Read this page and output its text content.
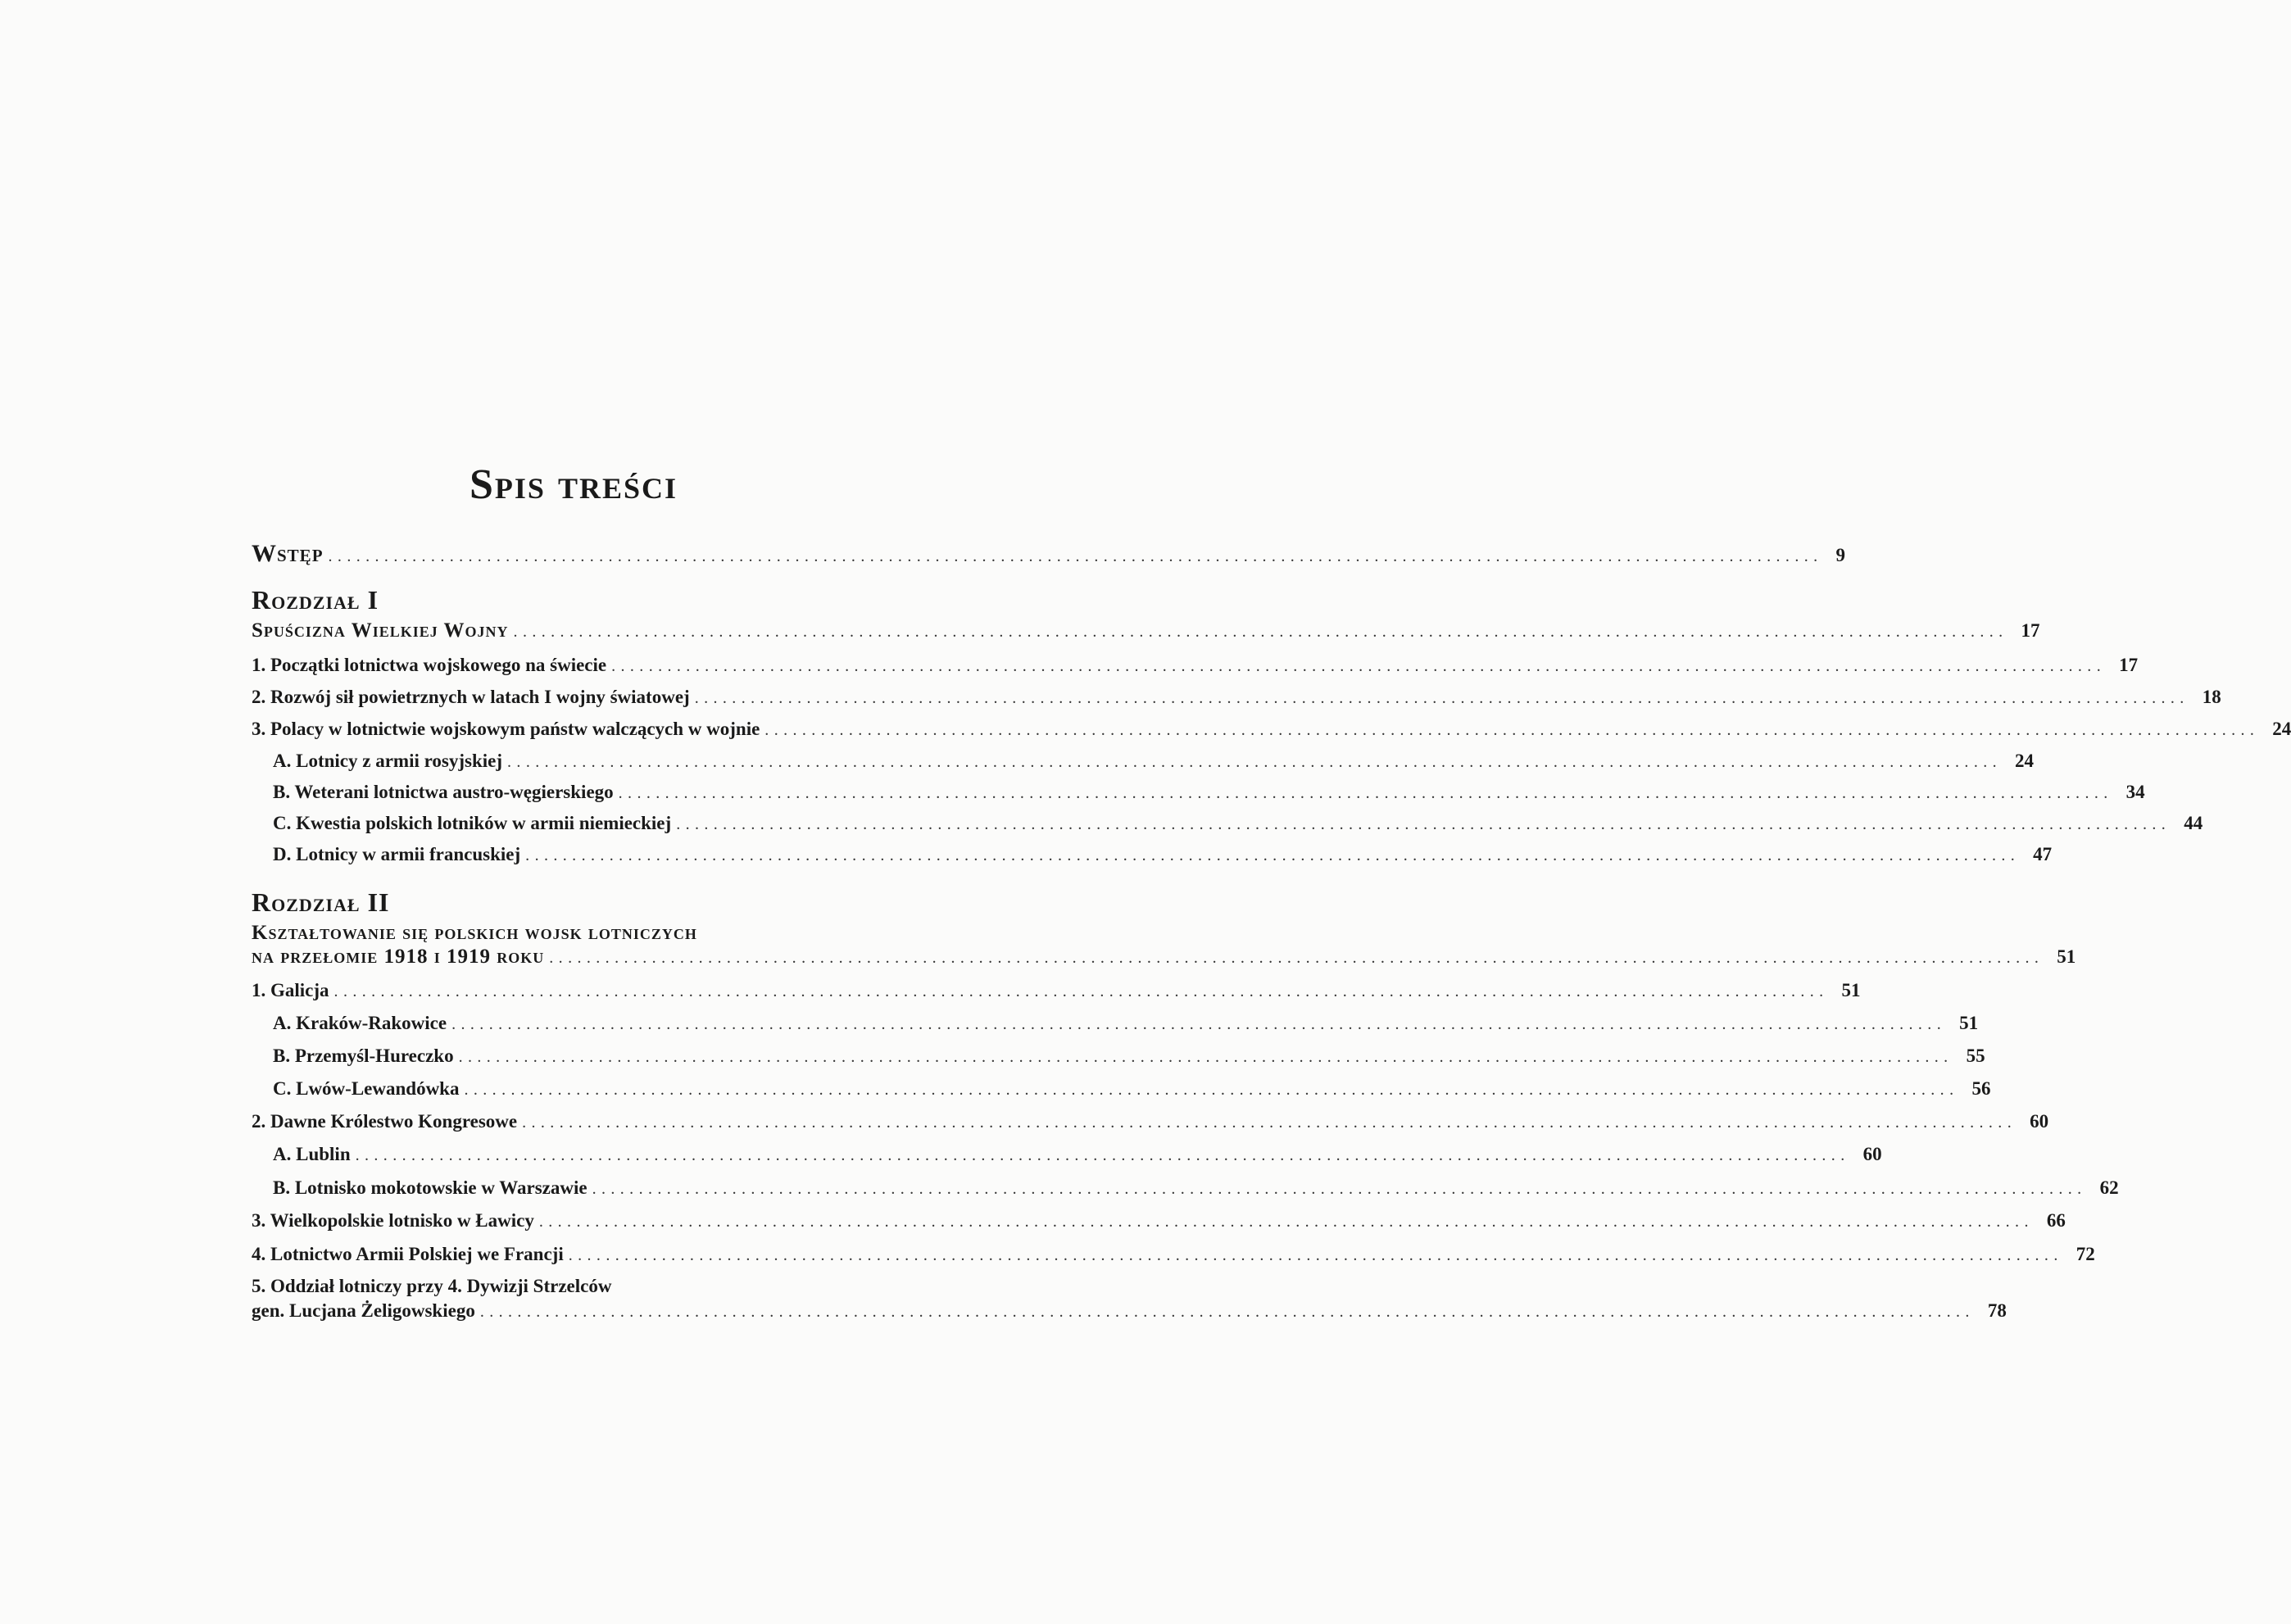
Spis treści
Wstęp ................................................................................................................................................................ 9
Rozdział I
Spuścizna Wielkiej Wojny ................................................................................................................................................................ 17
1. Początki lotnictwa wojskowego na świecie ................................................................................................................................................................ 17
2. Rozwój sił powietrznych w latach I wojny światowej ................................................................................................................................................................ 18
3. Polacy w lotnictwie wojskowym państw walczących w wojnie ................................................................................................................................................................ 24
A. Lotnicy z armii rosyjskiej ................................................................................................................................................................ 24
B. Weterani lotnictwa austro-węgierskiego ................................................................................................................................................................ 34
C. Kwestia polskich lotników w armii niemieckiej ................................................................................................................................................................ 44
D. Lotnicy w armii francuskiej ................................................................................................................................................................ 47
Rozdział II
Kształtowanie się polskich wojsk lotniczych
na przełomie 1918 i 1919 roku ................................................................................................................................................................ 51
1. Galicja ................................................................................................................................................................ 51
A. Kraków-Rakowice ................................................................................................................................................................ 51
B. Przemyśl-Hureczko ................................................................................................................................................................ 55
C. Lwów-Lewandówka ................................................................................................................................................................ 56
2. Dawne Królestwo Kongresowe ................................................................................................................................................................ 60
A. Lublin ................................................................................................................................................................ 60
B. Lotnisko mokotowskie w Warszawie ................................................................................................................................................................ 62
3. Wielkopolskie lotnisko w Ławicy ................................................................................................................................................................ 66
4. Lotnictwo Armii Polskiej we Francji ................................................................................................................................................................ 72
5. Oddział lotniczy przy 4. Dywizji Strzelców
gen. Lucjana Żeligowskiego ................................................................................................................................................................ 78
